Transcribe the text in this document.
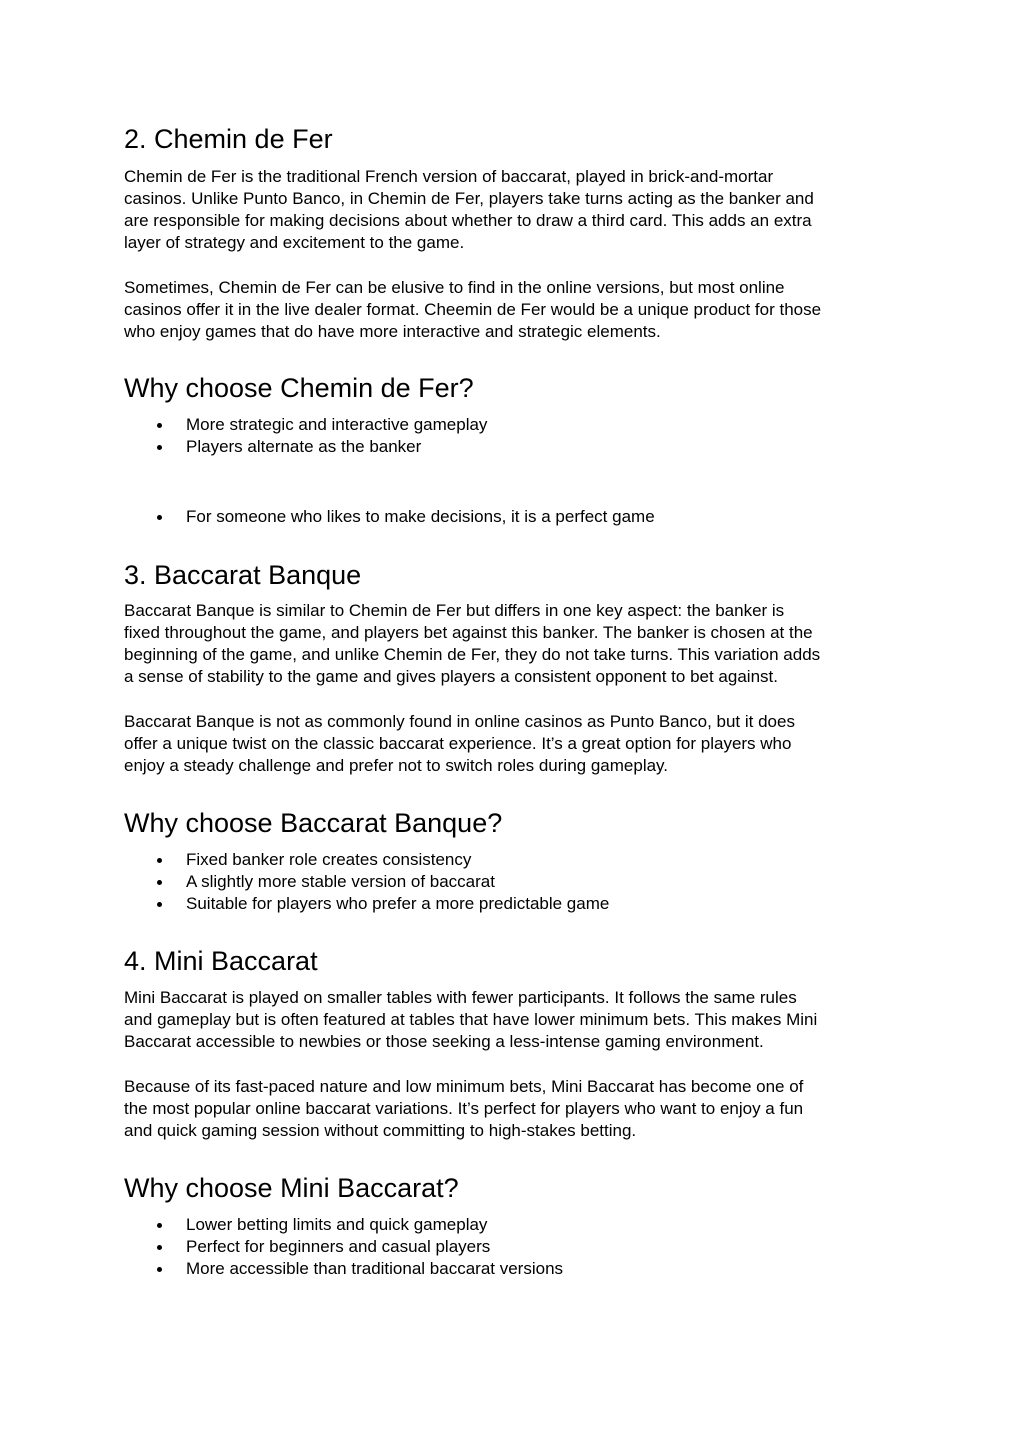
2. Chemin de Fer

Chemin de Fer is the traditional French version of baccarat, played in brick-and-mortar
casinos. Unlike Punto Banco, in Chemin de Fer, players take turns acting as the banker and
are responsible for making decisions about whether to draw a third card. This adds an extra
layer of strategy and excitement to the game.

Sometimes, Chemin de Fer can be elusive to find in the online versions, but most online
casinos offer it in the live dealer format. Cheemin de Fer would be a unique product for those
who enjoy games that do have more interactive and strategic elements.

Why choose Chemin de Fer?
More strategic and interactive gameplay
Players alternate as the banker
For someone who likes to make decisions, it is a perfect game
3. Baccarat Banque

Baccarat Banque is similar to Chemin de Fer but differs in one key aspect: the banker is
fixed throughout the game, and players bet against this banker. The banker is chosen at the
beginning of the game, and unlike Chemin de Fer, they do not take turns. This variation adds
a sense of stability to the game and gives players a consistent opponent to bet against.

Baccarat Banque is not as commonly found in online casinos as Punto Banco, but it does
offer a unique twist on the classic baccarat experience. It’s a great option for players who
enjoy a steady challenge and prefer not to switch roles during gameplay.

Why choose Baccarat Banque?
Fixed banker role creates consistency
A slightly more stable version of baccarat
Suitable for players who prefer a more predictable game
4. Mini Baccarat

Mini Baccarat is played on smaller tables with fewer participants. It follows the same rules
and gameplay but is often featured at tables that have lower minimum bets. This makes Mini
Baccarat accessible to newbies or those seeking a less-intense gaming environment.

Because of its fast-paced nature and low minimum bets, Mini Baccarat has become one of
the most popular online baccarat variations. It’s perfect for players who want to enjoy a fun
and quick gaming session without committing to high-stakes betting.

Why choose Mini Baccarat?
Lower betting limits and quick gameplay
Perfect for beginners and casual players
More accessible than traditional baccarat versions
